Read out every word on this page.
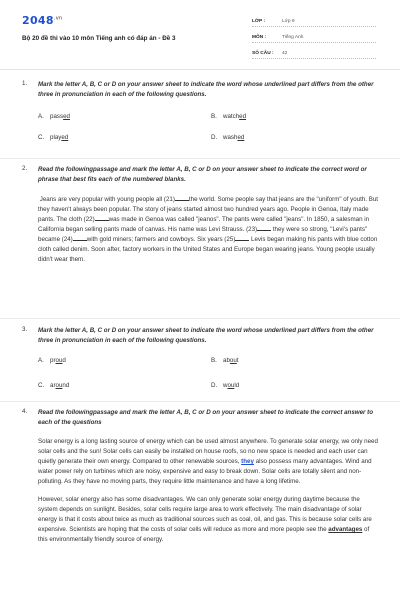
$2048^{.vn}$
Bộ 20 đề thi vào 10 môn Tiếng anh có đáp án - Đề 3
LỚP :	Lớp 9
MÔN :	Tiếng Anh
SỐ CÂU :	42
1.	Mark the letter A, B, C or D on your answer sheet to indicate the word whose underlined part differs from the other three in pronunciation in each of the following questions.
A. passed	B. watched
C. played	D. washed
2.	Read the followingpassage and mark the letter A, B, C or D on your answer sheet to indicate the correct word or phrase that best fits each of the numbered blanks.

Jeans are very popular with young people all (21) the world. Some people say that jeans are the "uniform" of youth. But they haven't always been popular. The story of jeans started almost two hundred years ago. People in Genoa, Italy made pants. The cloth (22) was made in Genoa was called "jeanos". The pants were called "jeans". In 1850, a salesman in California began selling pants made of canvas. His name was Levi Strauss. (23) they were so strong, "Levi's pants" became (24) with gold miners; farmers and cowboys. Six years (25) Levis began making his pants with blue cotton cloth called denim. Soon after, factory workers in the United States and Europe began wearing jeans. Young people usually didn't wear them.

3.	Mark the letter A, B, C or D on your answer sheet to indicate the word whose underlined part differs from the other three in pronunciation in each of the following questions.
A. proud	B. about
C. around	D. would
4.	Read the followingpassage and mark the letter A, B, C or D on your answer sheet to indicate the correct answer to each of the questions

Solar energy is a long lasting source of energy which can be used almost anywhere. To generate solar energy, we only need solar cells and the sun! Solar cells can easily be installed on house roofs, so no new space is needed and each user can quietly generate their own energy. Compared to other renewable sources, they also possess many advantages. Wind and water power rely on turbines which are noisy, expensive and easy to break down. Solar cells are totally silent and non-polluting. As they have no moving parts, they require little maintenance and have a long lifetime.

However, solar energy also has some disadvantages. We can only generate solar energy during daytime because the system depends on sunlight. Besides, solar cells require large area to work effectively. The main disadvantage of solar energy is that it costs about twice as much as traditional sources such as coal, oil, and gas. This is because solar cells are expensive. Scientists are hoping that the costs of solar cells will reduce as more and more people see the advantages of this environmentally friendly source of energy.
